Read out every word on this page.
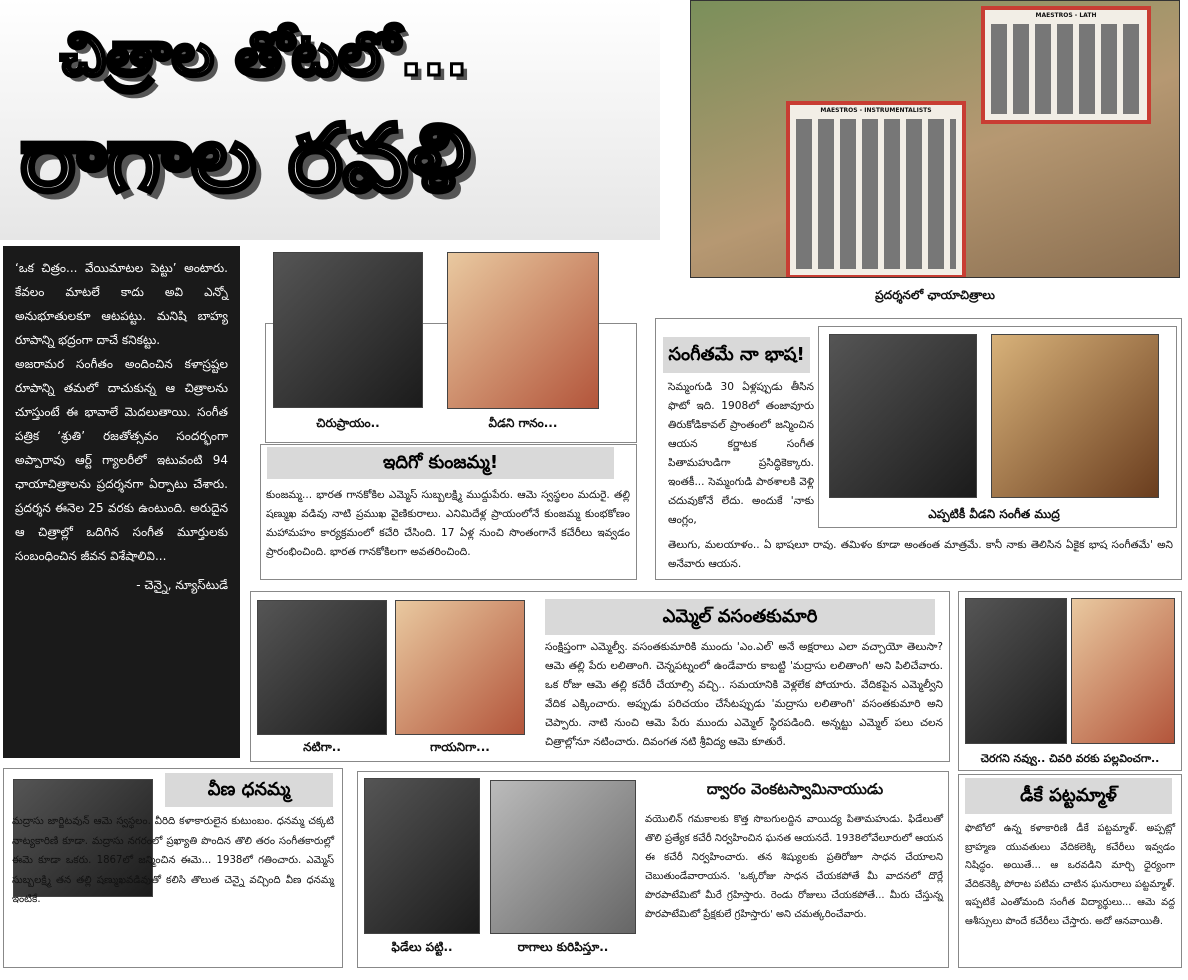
చిత్రాల తోటలో...
రాగాల రవళి	MAESTROS - INSTRUMENTALISTS
MAESTROS - LATH
ప్రదర్శనలో ఛాయాచిత్రాలు
‘ఒక చిత్రం... వేయిమాటల పెట్టు’ అంటారు. కేవలం మాటలే కాదు అవి ఎన్నో అనుభూతులకూ ఆటపట్టు. మనిషి బాహ్య రూపాన్ని భద్రంగా దాచే కనికట్టు.
అజరామర సంగీతం అందించిన కళాస్రష్టల రూపాన్ని తమలో దాచుకున్న ఆ చిత్రాలను చూస్తుంటే ఈ భావాలే మెదలుతాయి. సంగీత పత్రిక ‘శ్రుతి’ రజతోత్సవం సందర్భంగా అప్పారావు ఆర్ట్ గ్యాలరీలో ఇటువంటి 94 ఛాయాచిత్రాలను ప్రదర్శనగా ఏర్పాటు చేశారు. ప్రదర్శన ఈనెల 25 వరకు ఉంటుంది. అరుదైన ఆ చిత్రాల్లో ఒదిగిన సంగీత మూర్తులకు సంబంధించిన జీవన విశేషాలివి...
- చెన్నై, న్యూస్‌టుడే
చిరుప్రాయం..	వీడని గానం...
ఇదిగో కుంజమ్మ!
కుంజమ్మ... భారత గానకోకిల ఎమ్మెస్ సుబ్బలక్ష్మి ముద్దుపేరు. ఆమె స్వస్థలం మదురై. తల్లి షణ్ముఖ వడివు నాటి ప్రముఖ వైణికురాలు. ఎనిమిదేళ్ల ప్రాయంలోనే కుంజమ్మ కుంభకోణం మహామహం కార్యక్రమంలో కచేరి చేసింది. 17 ఏళ్ల నుంచి సొంతంగానే కచేరీలు ఇవ్వడం ప్రారంభించింది. భారత గానకోకిలగా అవతరించింది.
సంగీతమే నా భాష!
సెమ్మంగుడి 30 ఏళ్లప్పుడు తీసిన ఫొటో ఇది. 1908లో తంజావూరు తిరుకోడికావల్ ప్రాంతంలో జన్మించిన ఆయన కర్ణాటక సంగీత పితామహుడిగా ప్రసిద్ధికెక్కారు. ఇంతకీ... సెమ్మంగుడి పాఠశాలకి వెళ్లి చదువుకోనే లేదు. అందుకే 'నాకు ఆంగ్లం,	ఎప్పటికీ వీడని సంగీత ముద్ర
తెలుగు, మలయాళం.. ఏ భాషలూ రావు. తమిళం కూడా అంతంత మాత్రమే. కానీ నాకు తెలిసిన ఏకైక భాష సంగీతమే' అని అనేవారు ఆయన.
నటిగా..	గాయనిగా...
ఎమ్మెల్ వసంతకుమారి
సంక్షిప్తంగా ఎమ్మెల్వీ. వసంతకుమారికి ముందు 'ఎం.ఎల్' అనే అక్షరాలు ఎలా వచ్చాయో తెలుసా? ఆమె తల్లి పేరు లలితాంగి. చెన్నపట్నంలో ఉండేవారు కాబట్టి 'మద్రాసు లలితాంగి' అని పిలిచేవారు. ఒక రోజు ఆమె తల్లి కచేరీ చేయాల్సి వచ్చి.. సమయానికి వెళ్లలేక పోయారు. వేదికపైన ఎమ్మెల్వీని వేదిక ఎక్కించారు. అప్పుడు పరిచయం చేసేటప్పుడు 'మద్రాసు లలితాంగి' వసంతకుమారి అని చెప్పారు. నాటి నుంచి ఆమె పేరు ముందు ఎమ్మెల్ స్థిరపడింది. అన్నట్టు ఎమ్మెల్ పలు చలన చిత్రాల్లోనూ నటించారు. దివంగత నటి శ్రీవిద్య ఆమె కూతురే.
చెరగని నవ్వు.. చివరి వరకు పల్లవించగా..
వీణ ధనమ్మ
మద్రాసు జార్జిటవున్ ఆమె స్వస్థలం. వీరిది కళాకారులైన కుటుంబం. ధనమ్మ చక్కటి నాట్యకారిణి కూడా. మద్రాసు నగరంలో ప్రఖ్యాతి పొందిన తొలి తరం సంగీతకారుల్లో ఈమె కూడా ఒకరు. 1867లో జన్మించిన ఈమె... 1938లో గతించారు. ఎమ్మెస్ సుబ్బలక్ష్మి తన తల్లి షణ్ముఖవడివుతో కలిసి తొలుత చెన్నై వచ్చింది వీణ ధనమ్మ ఇంటికే.
ఫిడేలు పట్టి..	రాగాలు కురిపిస్తూ..
ద్వారం వెంకటస్వామినాయుడు
వయొలిన్ గమకాలకు కొత్త సొబగులద్దిన వాయిద్య పితామహుడు. ఫిడేలుతో తొలి ప్రత్యేక కచేరీ నిర్వహించిన ఘనత ఆయనదే. 1938లోవేలూరులో ఆయన ఈ కచేరీ నిర్వహించారు. తన శిష్యులకు ప్రతిరోజూ సాధన చేయాలని చెబుతుండేవారాయన. 'ఒక్కరోజు సాధన చేయకపోతే మీ వాదనలో దొర్లే పొరపాటేమిటో మీరే గ్రహిస్తారు. రెండు రోజులు చేయకపోతే... మీరు చేస్తున్న పొరపాటేమిటో ప్రేక్షకులే గ్రహిస్తారు' అని చమత్కరించేవారు.
డీకే పట్టమ్మాళ్
ఫొటోలో ఉన్న కళాకారిణి డీకే పట్టమ్మాళ్. అప్పట్లో బ్రాహ్మణ యువతులు వేదికలెక్కి కచేరీలు ఇవ్వడం నిషిద్ధం. అయితే... ఆ ఒరవడిని మార్చి ధైర్యంగా వేదికనెక్కి పోరాట పటిమ చాటిన ఘనురాలు పట్టమ్మాళ్. ఇప్పటికే ఎంతోమంది సంగీత విద్యార్థులు... ఆమె వద్ద ఆశీస్సులు పొందే కచేరీలు చేస్తారు. అదో ఆనవాయితీ.
